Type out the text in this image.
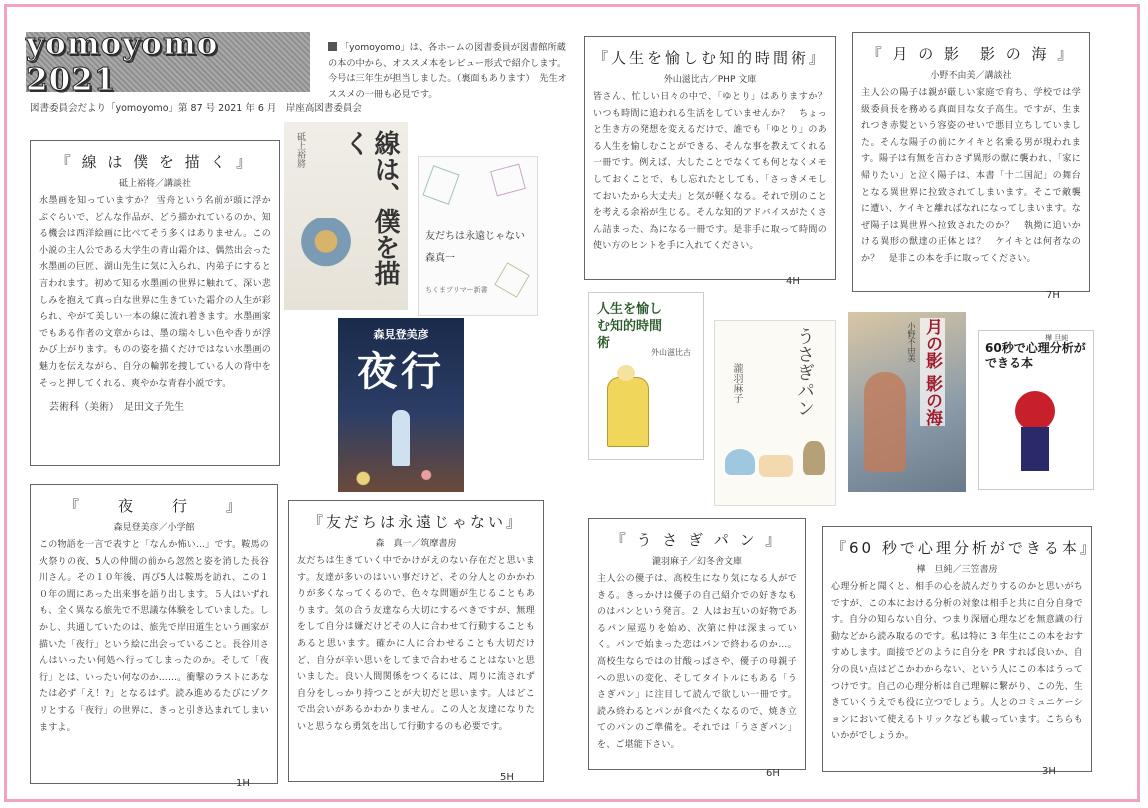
yomoyomo 2021
図書委員会だより「yomoyomo」第 87 号 2021 年 6 月　岸座高図書委員会
「yomoyomo」は、各ホームの図書委員が図書館所蔵の本の中から、オススメ本をレビュー形式で紹介します。今号は三年生が担当しました。（裏面もあります）　先生オススメの一冊も必見です。
『 線 は 僕 を 描 く 』
砥上裕将／講談社
水墨画を知っていますか？ 雪舟という名前が頭に浮かぶぐらいで、どんな作品が、どう描かれているのか、知る機会は西洋絵画に比べてそう多くはありません。この小説の主人公である大学生の青山霜介は、偶然出会った水墨画の巨匠、湖山先生に気に入られ、内弟子にすると言われます。初めて知る水墨画の世界に触れて、深い悲しみを抱えて真っ白な世界に生きていた霜介の人生が彩られ、やがて美しい一本の線に流れ着きます。水墨画家でもある作者の文章からは、墨の瑞々しい色や香りが浮かび上がります。ものの姿を描くだけではない水墨画の魅力を伝えながら、自分の輪郭を捜している人の背中をそっと押してくれる、爽やかな青春小説です。
芸術科（美術）　足田文子先生
『　　夜　　行　　』
森見登美彦／小学館
この物語を一言で表すと「なんか怖い…」です。鞍馬の火祭りの夜、5人の仲間の前から忽然と姿を消した長谷川さん。その１０年後、再び5人は鞍馬を訪れ、この１０年の間にあった出来事を語り出します。５人はいずれも、全く異なる旅先で不思議な体験をしていました。しかし、共通していたのは、旅先で岸田道生という画家が描いた「夜行」という絵に出会っていること。長谷川さんはいったい何処へ行ってしまったのか。そして「夜行」とは、いったい何なのか……。衝撃のラストにあなたは必ず「え！?」となるはず。読み進めるたびにゾクリとする「夜行」の世界に、きっと引き込まれてしまいますよ。
1H
『友だちは永遠じゃない』
森　真一／筑摩書房
友だちは生きていく中でかけがえのない存在だと思います。友達が多いのはいい事だけど、その分人とのかかわりが多くなってくるので、色々な問題が生じることもあります。気の合う友達なら大切にするべきですが、無理をして自分は嫌だけどその人に合わせて行動することもあると思います。確かに人に合わせることも大切だけど、自分が辛い思いをしてまで合わせることはないと思いました。良い人間関係をつくるには、周りに流されず自分をしっかり持つことが大切だと思います。人はどこで出会いがあるかわかりません。この人と友達になりたいと思うなら勇気を出して行動するのも必要です。
5H
『人生を愉しむ知的時間術』
外山滋比古／PHP 文庫
皆さん、忙しい日々の中で、「ゆとり」はありますか？いつも時間に追われる生活をしていませんか？　ちょっと生き方の発想を変えるだけで、誰でも「ゆとり」のある人生を愉しむことができる、そんな事を教えてくれる一冊です。例えば、大したことでなくても何となくメモしておくことで、もし忘れたとしても、「さっきメモしておいたから大丈夫」と気が軽くなる。それで別のことを考える余裕が生じる。そんな知的アドバイスがたくさん詰まった、為になる一冊です。是非手に取って時間の使い方のヒントを手に入れてください。
4H
『 う さ ぎ パ ン 』
瀧羽麻子／幻冬舎文庫
主人公の優子は、高校生になり気になる人ができる。きっかけは優子の自己紹介での好きなものはパンという発言。２ 人はお互いの好物であるパン屋巡りを始め、次第に仲は深まっていく。パンで始まった恋はパンで終わるのか…。高校生ならではの甘酸っぱさや、優子の母親子への思いの変化、そしてタイトルにもある「うさぎパン」に注目して読んで欲しい一冊です。読み終わるとパンが食べたくなるので、焼き立てのパンのご準備を。それでは「うさぎパン」を、ご堪能下さい。
6H
『 月 の 影　影 の 海 』
小野不由美／講談社
主人公の陽子は親が厳しい家庭で育ち、学校では学級委員長を務める真面目な女子高生。ですが、生まれつき赤髪という容姿のせいで悪目立ちしていました。そんな陽子の前にケイキと名乗る男が現われます。陽子は有無を言わさず異形の獣に襲われ、「家に帰りたい」と泣く陽子は、本書「十二国記」の舞台となる異世界に拉致されてしまいます。そこで敵襲に遭い、ケイキと離ればなれになってしまいます。なぜ陽子は異世界へ拉致されたのか？　執拗に追いかける異形の獣達の正体とは？　ケイキとは何者なのか？　是非この本を手に取ってください。
7H
『60 秒で心理分析ができる本』
樺　旦純／三笠書房
心理分析と聞くと、相手の心を読んだりするのかと思いがちですが、この本における分析の対象は相手と共に自分自身です。自分の知らない自分、つまり深層心理などを無意識の行動などから読み取るのです。私は特に 3 年生にこの本をおすすめします。面接でどのように自分を PR すれば良いか、自分の良い点はどこかわからない、という人にこの本はうってつけです。自己の心理分析は自己理解に繋がり、この先、生きていくうえでも役に立つでしょう。人とのコミュニケーションにおいて使えるトリックなども載っています。こちらもいかがでしょうか。
3H
線は、僕を描く
砥上裕將
友だちは永遠じゃない
森真一
ちくまプリマー新書
森見登美彦
夜行
人生を愉しむ知的時間術
外山滋比古	うさぎパン
瀧羽麻子	月の影 影の海
小野不由美	60秒で心理分析ができる本
樺 旦純
